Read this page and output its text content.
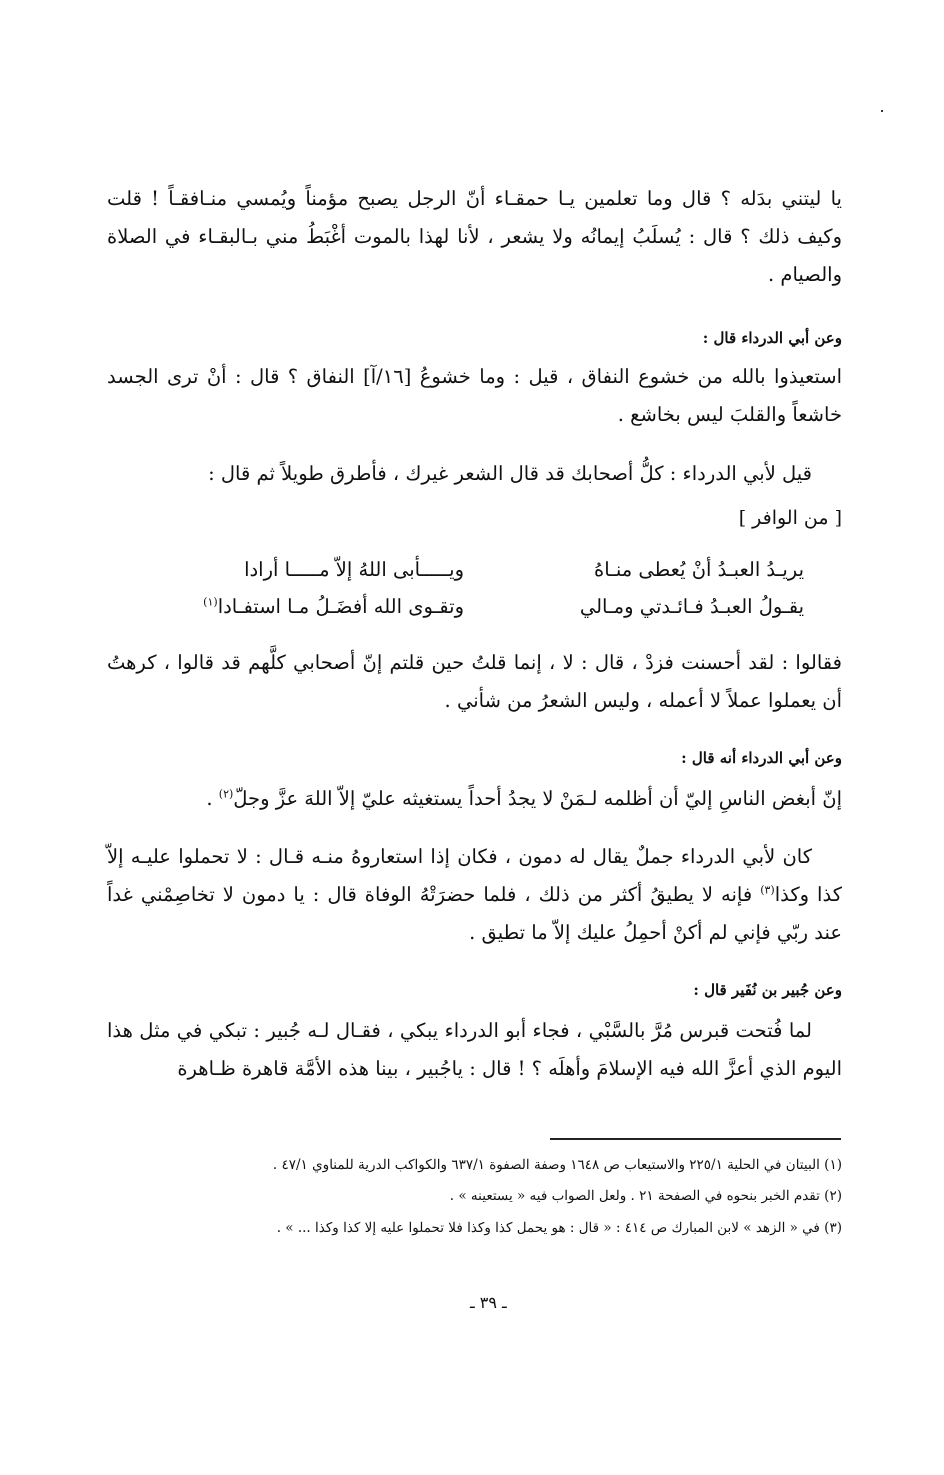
يا ليتني بدَله ؟ قال وما تعلمين يـا حمقـاء أنّ الرجل يصبح مؤمناً ويُمسي منـافقـاً ! قلت وكيف ذلك ؟ قال : يُسلَبُ إيمانُه ولا يشعر ، لأنا لهذا بالموت أغْبَطُ مني بـالبقـاء في الصلاة والصيام .

وعن أبي الدرداء قال :

استعيذوا بالله من خشوع النفاق ، قيل : وما خشوعُ [١٦/آ] النفاق ؟ قال : أنْ ترى الجسد خاشعاً والقلبَ ليس بخاشع .

قيل لأبي الدرداء : كلُّ أصحابك قد قال الشعر غيرك ، فأطرق طويلاً ثم قال :

[ من الوافر ]
يريـدُ العبـدُ أنْ يُعطى منـاهُ
ويـــــأبى اللهُ إلاّ مـــــا أرادا
يقـولُ العبـدُ فـائـدتي ومـالي
وتقـوى الله أفضَـلُ مـا استفـادا$^{(١)}$

فقالوا : لقد أحسنت فزدْ ، قال : لا ، إنما قلتُ حين قلتم إنّ أصحابي كلَّهم قد قالوا ، كرهتُ أن يعملوا عملاً لا أعمله ، وليس الشعرُ من شأني .

وعن أبي الدرداء أنه قال :

إنّ أبغض الناسِ إليّ أن أظلمه لـمَنْ لا يجدُ أحداً يستغيثه عليّ إلاّ اللهَ عزَّ وجلّ$^{(٢)}$ .

كان لأبي الدرداء جملٌ يقال له دمون ، فكان إذا استعاروهُ منـه قـال : لا تحملوا عليـه إلاّ كذا وكذا$^{(٣)}$ فإنه لا يطيقُ أكثر من ذلك ، فلما حضرَتْهُ الوفاة قال : يا دمون لا تخاصِمْني غداً عند ربّي فإني لم أكنْ أحمِلُ عليك إلاّ ما تطيق .

وعن جُبير بن نُفَير قال :

لما فُتحت قبرس مُرَّ بالسَّبْي ، فجاء أبو الدرداء يبكي ، فقـال لـه جُبير : تبكي في مثل هذا اليوم الذي أعزَّ الله فيه الإسلامَ وأهلَه ؟ ! قال : ياجُبير ، بينا هذه الأمَّة قاهرة ظـاهرة

(١) البيتان في الحلية ٢٢٥/١ والاستيعاب ص ١٦٤٨ وصفة الصفوة ٦٣٧/١ والكواكب الدرية للمناوي ٤٧/١ .

(٢) تقدم الخبر بنحوه في الصفحة ٢١ . ولعل الصواب فيه « يستعينه » .

(٣) في « الزهد » لابن المبارك ص ٤١٤ : « قال : هو يحمل كذا وكذا فلا تحملوا عليه إلا كذا وكذا ... » .

ـ ٣٩ ـ
